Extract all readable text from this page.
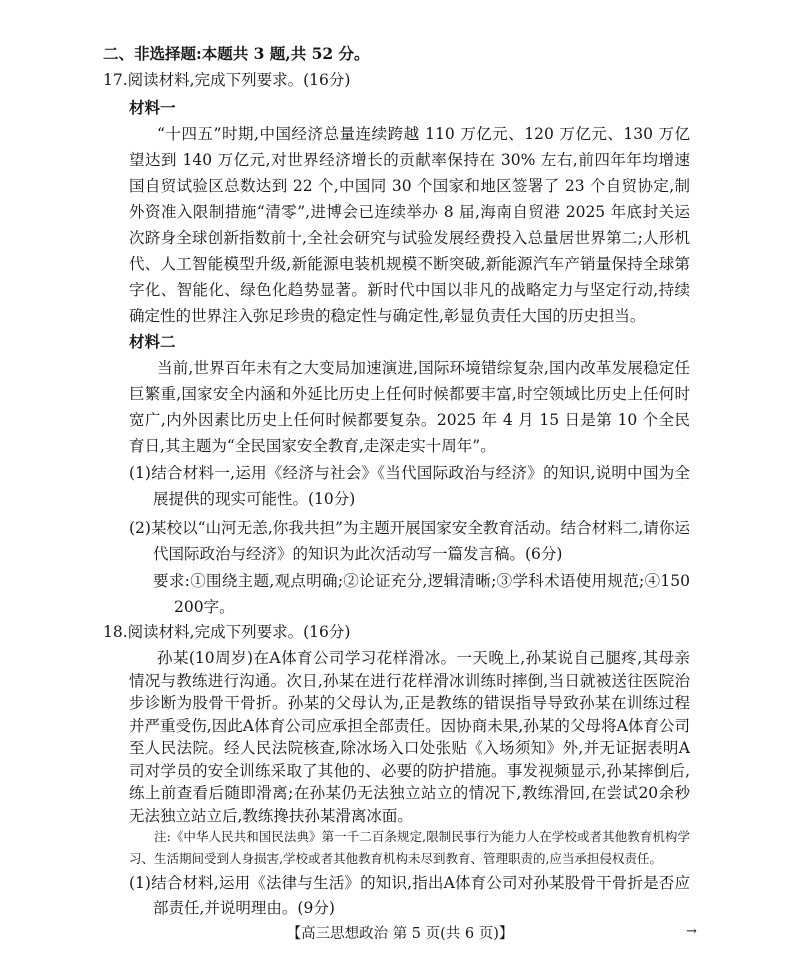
二、非选择题:本题共 3 题,共 52 分。
17.阅读材料,完成下列要求。(16分)
材料一
“十四五”时期,中国经济总量连续跨越 110 万亿元、120 万亿元、130 万亿
望达到 140 万亿元,对世界经济增长的贡献率保持在 30% 左右,前四年年均增速
国自贸试验区总数达到 22 个,中国同 30 个国家和地区签署了 23 个自贸协定,制
外资准入限制措施“清零”,进博会已连续举办 8 届,海南自贸港 2025 年底封关运
次跻身全球创新指数前十,全社会研究与试验发展经费投入总量居世界第二;人形机
代、人工智能模型升级,新能源电装机规模不断突破,新能源汽车产销量保持全球第
字化、智能化、绿色化趋势显著。新时代中国以非凡的战略定力与坚定行动,持续
确定性的世界注入弥足珍贵的稳定性与确定性,彰显负责任大国的历史担当。
材料二
当前,世界百年未有之大变局加速演进,国际环境错综复杂,国内改革发展稳定任
巨繁重,国家安全内涵和外延比历史上任何时候都要丰富,时空领域比历史上任何时
宽广,内外因素比历史上任何时候都要复杂。2025 年 4 月 15 日是第 10 个全民
育日,其主题为“全民国家安全教育,走深走实十周年”。
(1)结合材料一,运用《经济与社会》《当代国际政治与经济》的知识,说明中国为全
展提供的现实可能性。(10分)
(2)某校以“山河无恙,你我共担”为主题开展国家安全教育活动。结合材料二,请你运
代国际政治与经济》的知识为此次活动写一篇发言稿。(6分)
要求:①围绕主题,观点明确;②论证充分,逻辑清晰;③学科术语使用规范;④150
200字。
18.阅读材料,完成下列要求。(16分)
孙某(10周岁)在A体育公司学习花样滑冰。一天晚上,孙某说自己腿疼,其母亲
情况与教练进行沟通。次日,孙某在进行花样滑冰训练时摔倒,当日就被送往医院治
步诊断为股骨干骨折。孙某的父母认为,正是教练的错误指导导致孙某在训练过程
并严重受伤,因此A体育公司应承担全部责任。因协商未果,孙某的父母将A体育公司
至人民法院。经人民法院核查,除冰场入口处张贴《入场须知》外,并无证据表明A
司对学员的安全训练采取了其他的、必要的防护措施。事发视频显示,孙某摔倒后,
练上前查看后随即滑离;在孙某仍无法独立站立的情况下,教练滑回,在尝试20余秒
无法独立站立后,教练搀扶孙某滑离冰面。
注:《中华人民共和国民法典》第一千二百条规定,限制民事行为能力人在学校或者其他教育机构学
习、生活期间受到人身损害,学校或者其他教育机构未尽到教育、管理职责的,应当承担侵权责任。
(1)结合材料,运用《法律与生活》的知识,指出A体育公司对孙某股骨干骨折是否应
【高三思想政治 第 5 页(共 6 页)】	→
部责任,并说明理由。(9分)
